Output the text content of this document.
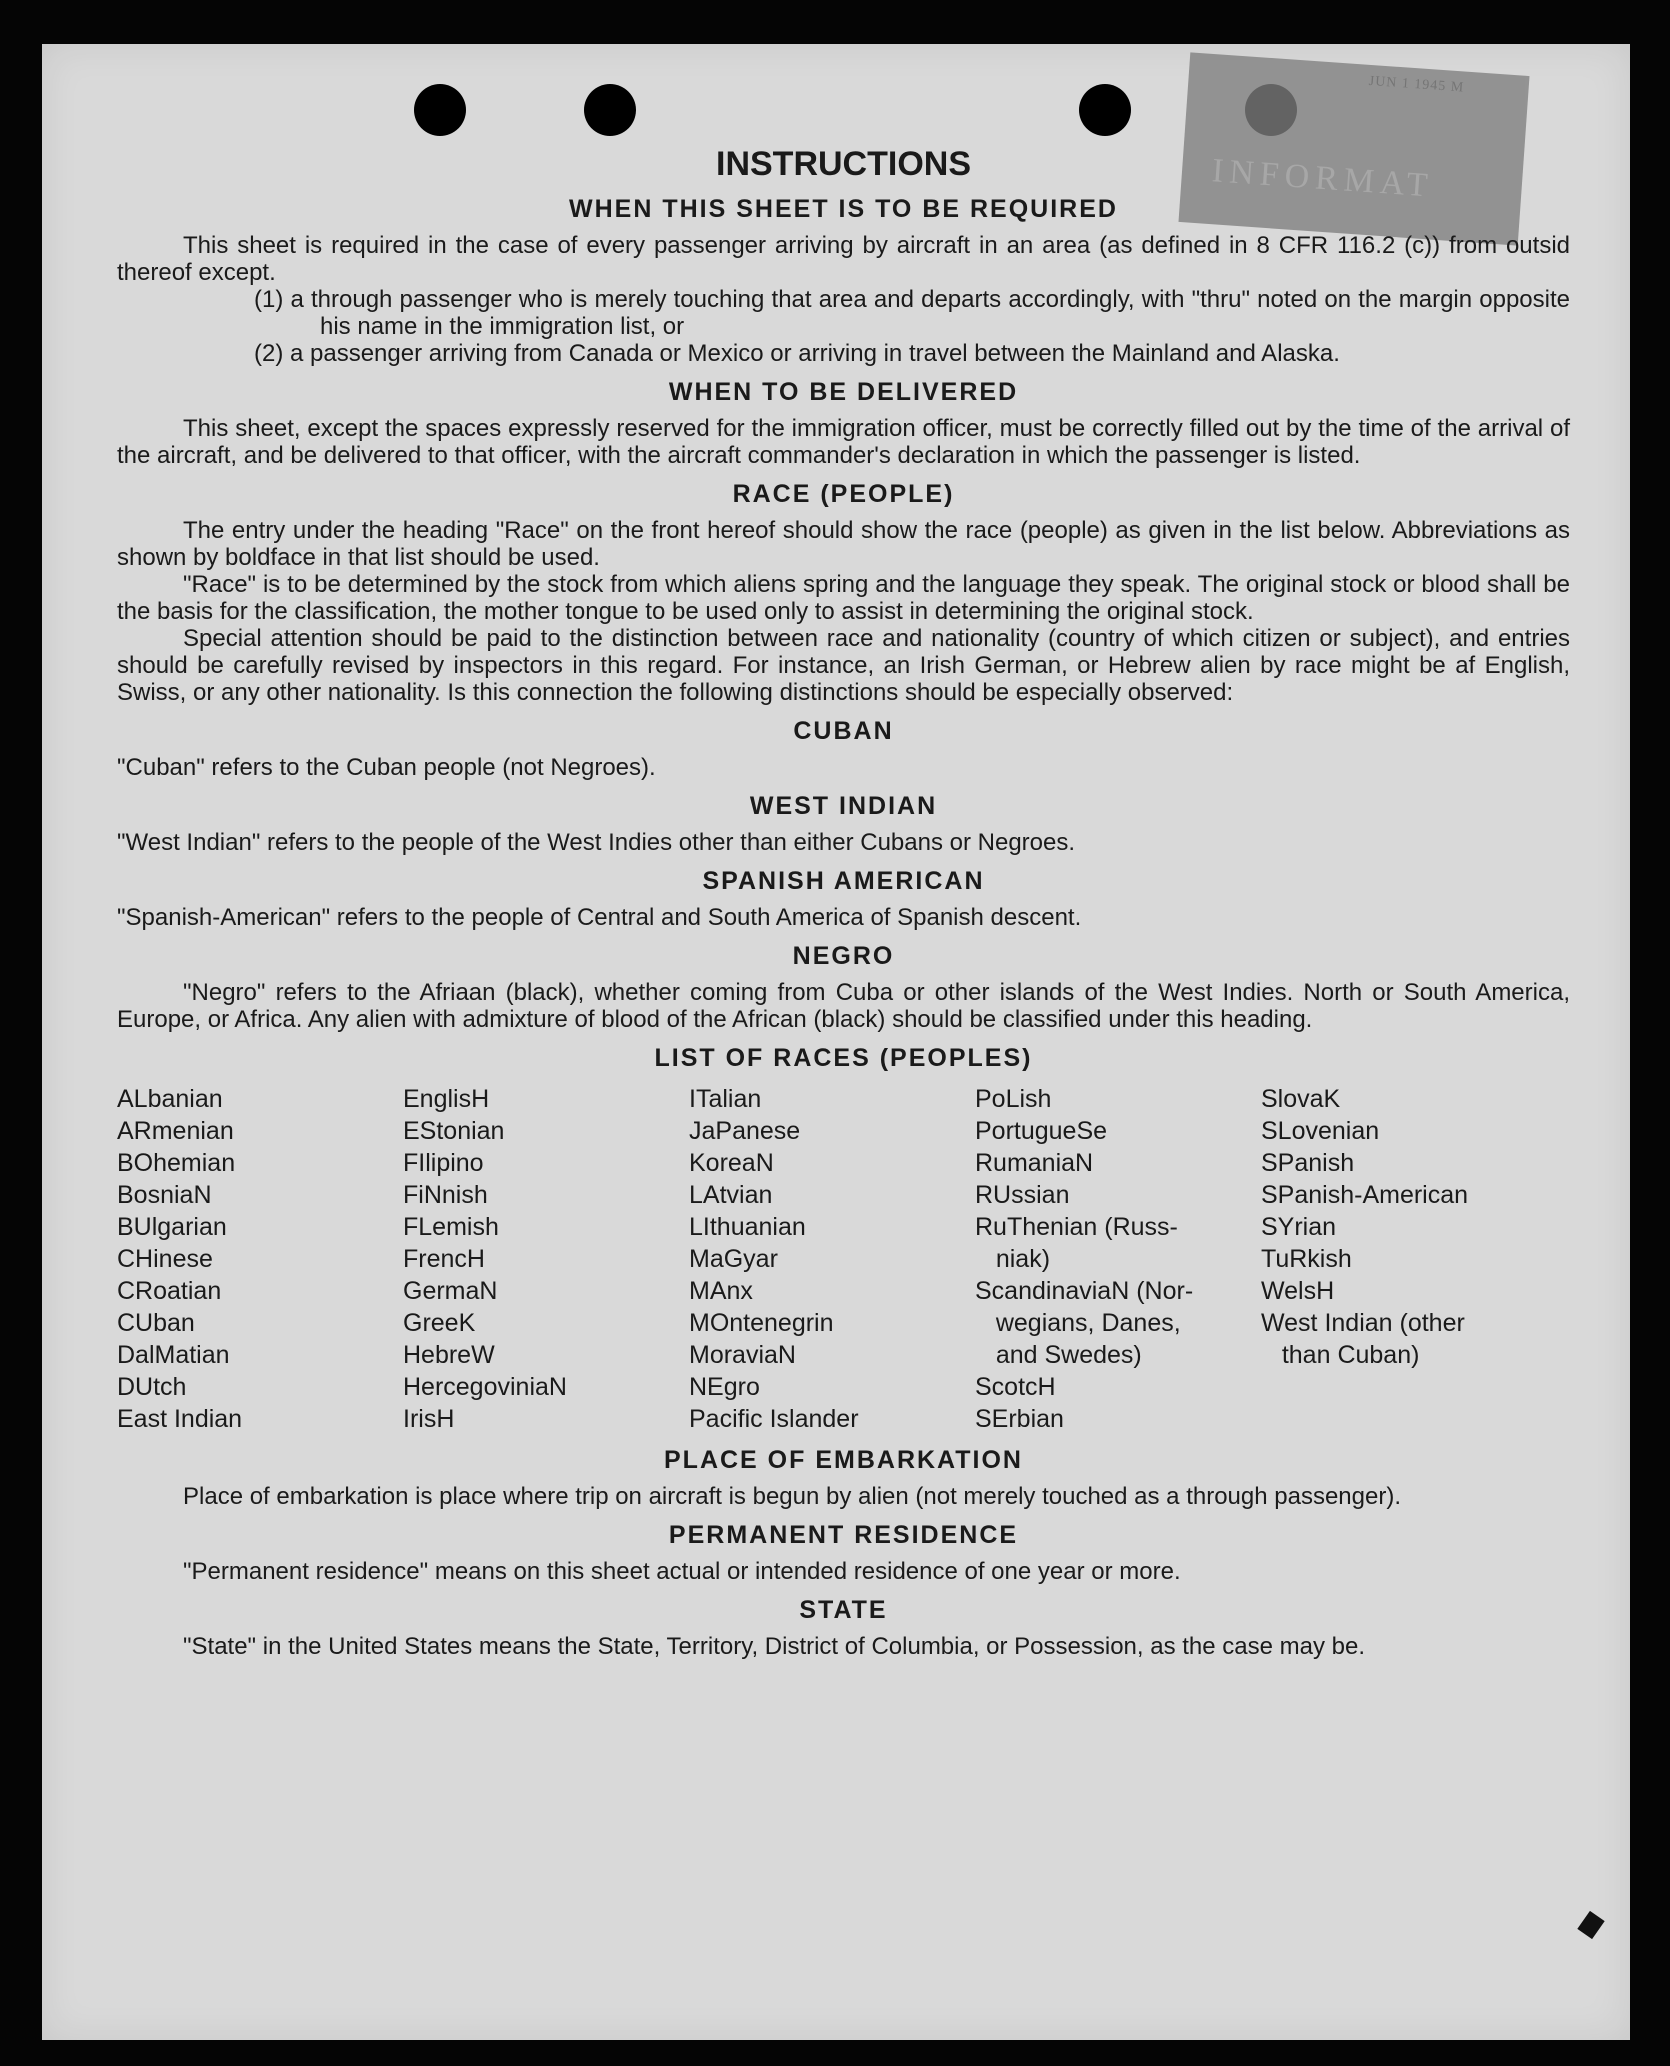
JUN 1 1945 M
INFORMAT
INSTRUCTIONS
WHEN THIS SHEET IS TO BE REQUIRED

This sheet is required in the case of every passenger arriving by aircraft in an area (as defined in 8 CFR 116.2 (c)) from outsid thereof except.

(1) a through passenger who is merely touching that area and departs accordingly, with "thru" noted on the margin opposite his name in the immigration list, or

(2) a passenger arriving from Canada or Mexico or arriving in travel between the Mainland and Alaska.

WHEN TO BE DELIVERED

This sheet, except the spaces expressly reserved for the immigration officer, must be correctly filled out by the time of the arrival of the aircraft, and be delivered to that officer, with the aircraft commander's declaration in which the passenger is listed.

RACE (PEOPLE)

The entry under the heading "Race" on the front hereof should show the race (people) as given in the list below. Abbreviations as shown by boldface in that list should be used.

"Race" is to be determined by the stock from which aliens spring and the language they speak. The original stock or blood shall be the basis for the classification, the mother tongue to be used only to assist in determining the original stock.

Special attention should be paid to the distinction between race and nationality (country of which citizen or subject), and entries should be carefully revised by inspectors in this regard. For instance, an Irish German, or Hebrew alien by race might be af English, Swiss, or any other nationality. Is this connection the following distinctions should be especially observed:

CUBAN

"Cuban" refers to the Cuban people (not Negroes).

WEST INDIAN

"West Indian" refers to the people of the West Indies other than either Cubans or Negroes.

SPANISH AMERICAN

"Spanish-American" refers to the people of Central and South America of Spanish descent.

NEGRO

"Negro" refers to the Afriaan (black), whether coming from Cuba or other islands of the West Indies. North or South America, Europe, or Africa. Any alien with admixture of blood of the African (black) should be classified under this heading.

LIST OF RACES (PEOPLES)
ALbanian
ARmenian
BOhemian
BosniaN
BUlgarian
CHinese
CRoatian
CUban
DalMatian
DUtch
East Indian
EnglisH
EStonian
FIlipino
FiNnish
FLemish
FrencH
GermaN
GreeK
HebreW
HercegoviniaN
IrisH
ITalian
JaPanese
KoreaN
LAtvian
LIthuanian
MaGyar
MAnx
MOntenegrin
MoraviaN
NEgro
Pacific Islander
PoLish
PortugueSe
RumaniaN
RUssian
RuThenian (Russ-
niak)
ScandinaviaN (Nor-
wegians, Danes,
and Swedes)
ScotcH
SErbian
SlovaK
SLovenian
SPanish
SPanish-American
SYrian
TuRkish
WelsH
West Indian (other
than Cuban)
PLACE OF EMBARKATION

Place of embarkation is place where trip on aircraft is begun by alien (not merely touched as a through passenger).

PERMANENT RESIDENCE

"Permanent residence" means on this sheet actual or intended residence of one year or more.

STATE

"State" in the United States means the State, Territory, District of Columbia, or Possession, as the case may be.
